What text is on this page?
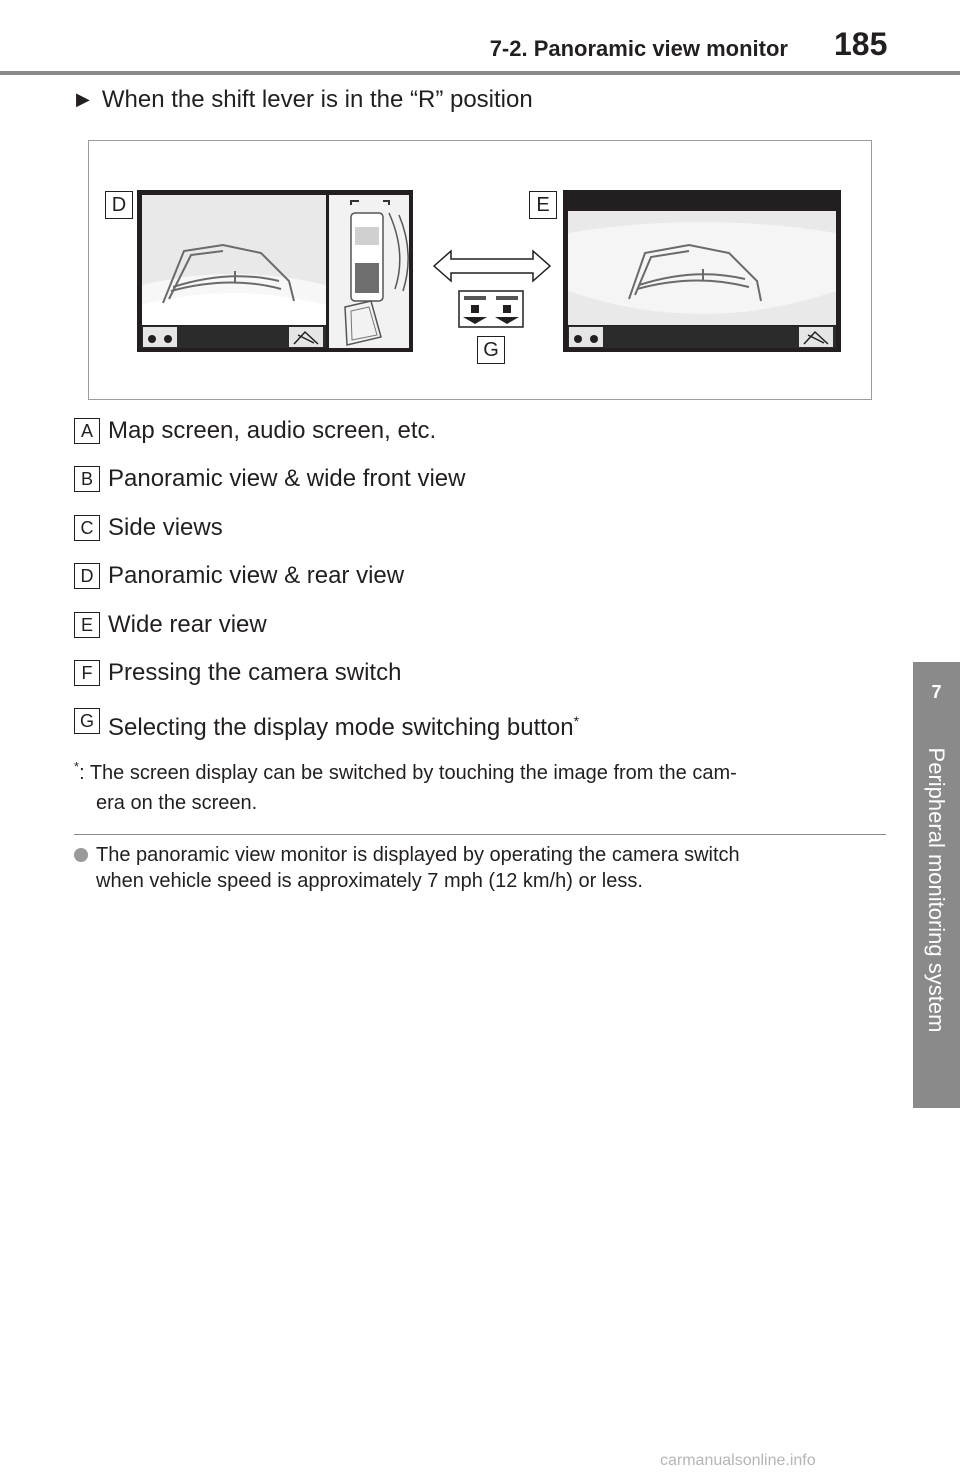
7-2. Panoramic view monitor 185
7
Peripheral monitoring system
▶ When the shift lever is in the “R” position
D	E
G
A Map screen, audio screen, etc.
B Panoramic view & wide front view
C Side views
D Panoramic view & rear view
E Wide rear view
F Pressing the camera switch
G Selecting the display mode switching button*
*: The screen display can be switched by touching the image from the cam-
era on the screen.
The panoramic view monitor is displayed by operating the camera switch
when vehicle speed is approximately 7 mph (12 km/h) or less.
carmanualsonline.info
